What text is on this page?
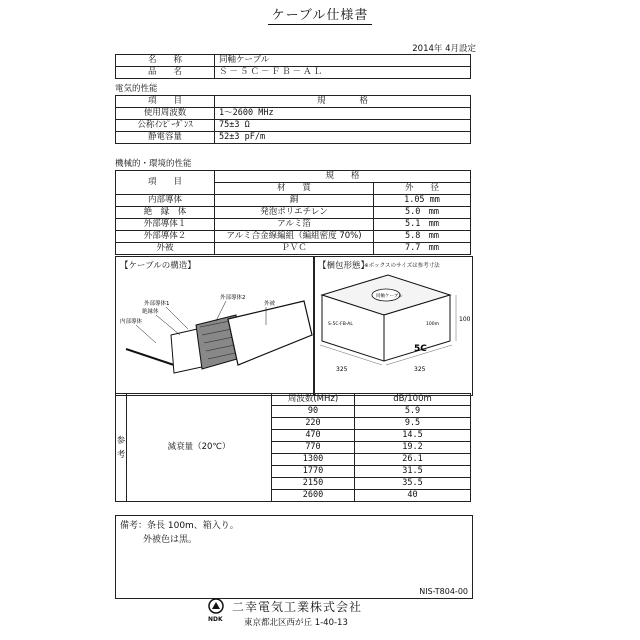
ケーブル仕様書
2014年 4月設定
名　　称	同軸ケーブル
品　　名	Ｓ－５Ｃ－ＦＢ－ＡＬ
電気的性能
項　　目	規　　　　格
使用周波数	1～2600 MHz
公称ｲﾝﾋﾟｰﾀﾞﾝｽ	75±3 Ω
静電容量	52±3 pF/m
機械的・環境的性能
項　　目	規　　格	
	材　　質	外　　径
内部導体	銅	1.05 mm
絶　縁　体	発泡ポリエチレン	5.0　mm
外部導体１	アルミ箔	5.1　mm
外部導体２	アルミ合金線編組（編組密度 70%)	5.8　mm
外被	ＰＶＣ	7.7　mm
【ケーブルの構造】
外部導体1
絶縁体
内部導体
外部導体2
外被
【梱包形態】
※ボックスのサイズは参考寸法
同軸ケーブル
S-5C-FB-AL	100m
5C
325	325
100
参
考	減衰量（20℃）	周波数(MHz)	dB/100m
		90	5.9
		220	9.5
		470	14.5
		770	19.2
		1300	26.1
		1770	31.5
		2150	35.5
		2600	40
備考：条長 100m、箱入り。
外被色は黒。
NIS-T804-00
NDK
二幸電気工業株式会社
東京都北区西が丘 1-40-13
